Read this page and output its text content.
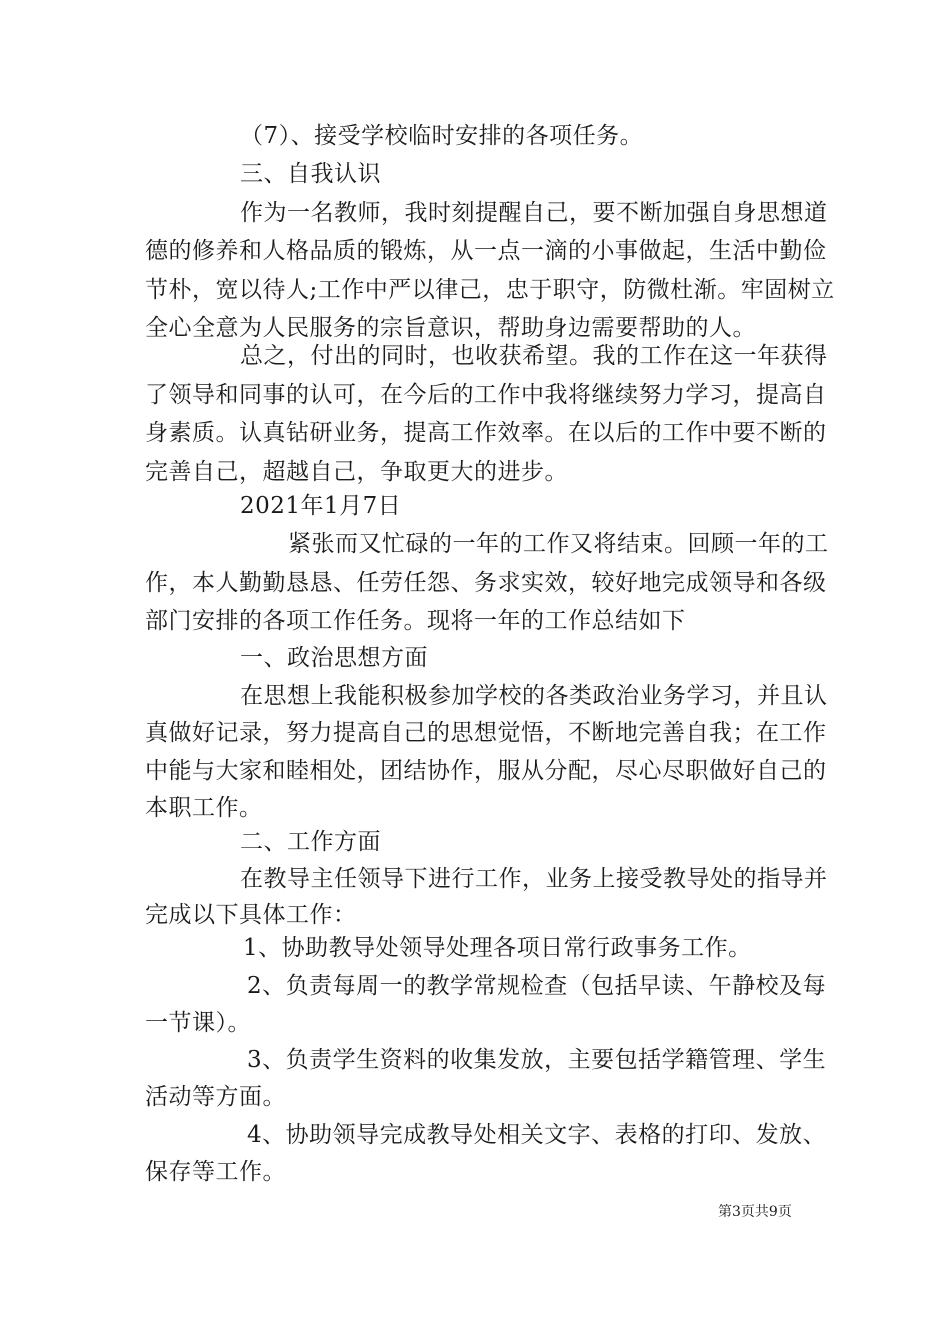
（7）、接受学校临时安排的各项任务。
三、自我认识
作为一名教师，我时刻提醒自己，要不断加强自身思想道
德的修养和人格品质的锻炼，从一点一滴的小事做起，生活中勤俭
节朴，宽以待人;工作中严以律己，忠于职守，防微杜渐。牢固树立
全心全意为人民服务的宗旨意识，帮助身边需要帮助的人。
总之，付出的同时，也收获希望。我的工作在这一年获得
了领导和同事的认可，在今后的工作中我将继续努力学习，提高自
身素质。认真钻研业务，提高工作效率。在以后的工作中要不断的
完善自己，超越自己，争取更大的进步。
2021年1月7日
紧张而又忙碌的一年的工作又将结束。回顾一年的工
作，本人勤勤恳恳、任劳任怨、务求实效，较好地完成领导和各级
部门安排的各项工作任务。现将一年的工作总结如下
一、政治思想方面
在思想上我能积极参加学校的各类政治业务学习，并且认
真做好记录，努力提高自己的思想觉悟，不断地完善自我；在工作
中能与大家和睦相处，团结协作，服从分配，尽心尽职做好自己的
本职工作。
二、工作方面
在教导主任领导下进行工作，业务上接受教导处的指导并
完成以下具体工作：
1、协助教导处领导处理各项日常行政事务工作。
2、负责每周一的教学常规检查（包括早读、午静校及每
一节课）。
3、负责学生资料的收集发放，主要包括学籍管理、学生
活动等方面。
4、协助领导完成教导处相关文字、表格的打印、发放、
保存等工作。
第3页共9页
